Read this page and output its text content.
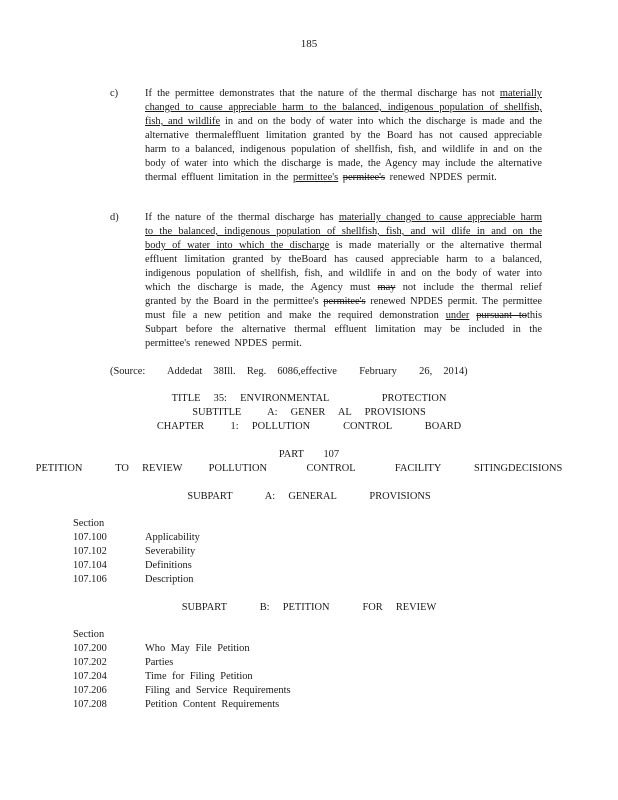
185
c)	If the permittee demonstrates that the nature of the thermal discharge has not materially changed to cause appreciable harm to the balanced, indigenous population of shellfish, fish, and wildlife in and on the body of water into which the discharge is made and the alternative thermaleffluent limitation granted by the Board has not caused appreciable harm to a balanced, indigenous population of shellfish, fish, and wildlife in and on the body of water into which the discharge is made, the Agency may include the alternative thermal effluent limitation in the permittee's permitee's renewed NPDES permit.
d)	If the nature of the thermal discharge has materially changed to cause appreciable harm to the balanced, indigenous population of shellfish, fish, and wil dlife in and on the body of water into which the discharge is made materially or the alternative thermal effluent limitation granted by theBoard has caused appreciable harm to a balanced, indigenous population of shellfish, fish, and wildlife in and on the body of water into which the discharge is made, the Agency must may not include the thermal relief granted by the Board in the permittee's permitee's renewed NPDES permit. The permittee must file a new petition and make the required demonstration under pursuant tothis Subpart before the alternative thermal effluent limitation may be included in the permittee's renewed NPDES permit.
(Source:    Addedat  38Ill.  Reg.  6086,effective    February    26,  2014)
TITLE  35:  ENVIRONMENTAL        PROTECTION
SUBTITLE    A:  GENER  AL  PROVISIONS
CHAPTER    1:  POLLUTION     CONTROL     BOARD
PART   107
PETITION     TO  REVIEW    POLLUTION      CONTROL      FACILITY     SITINGDECISIONS
SUBPART     A:  GENERAL     PROVISIONS
Section
107.100	Applicability
107.102	Severability
107.104	Definitions
107.106	Description
SUBPART     B:  PETITION     FOR  REVIEW
Section
107.200	Who May File Petition
107.202	Parties
107.204	Time for Filing Petition
107.206	Filing and Service Requirements
107.208	Petition Content Requirements
